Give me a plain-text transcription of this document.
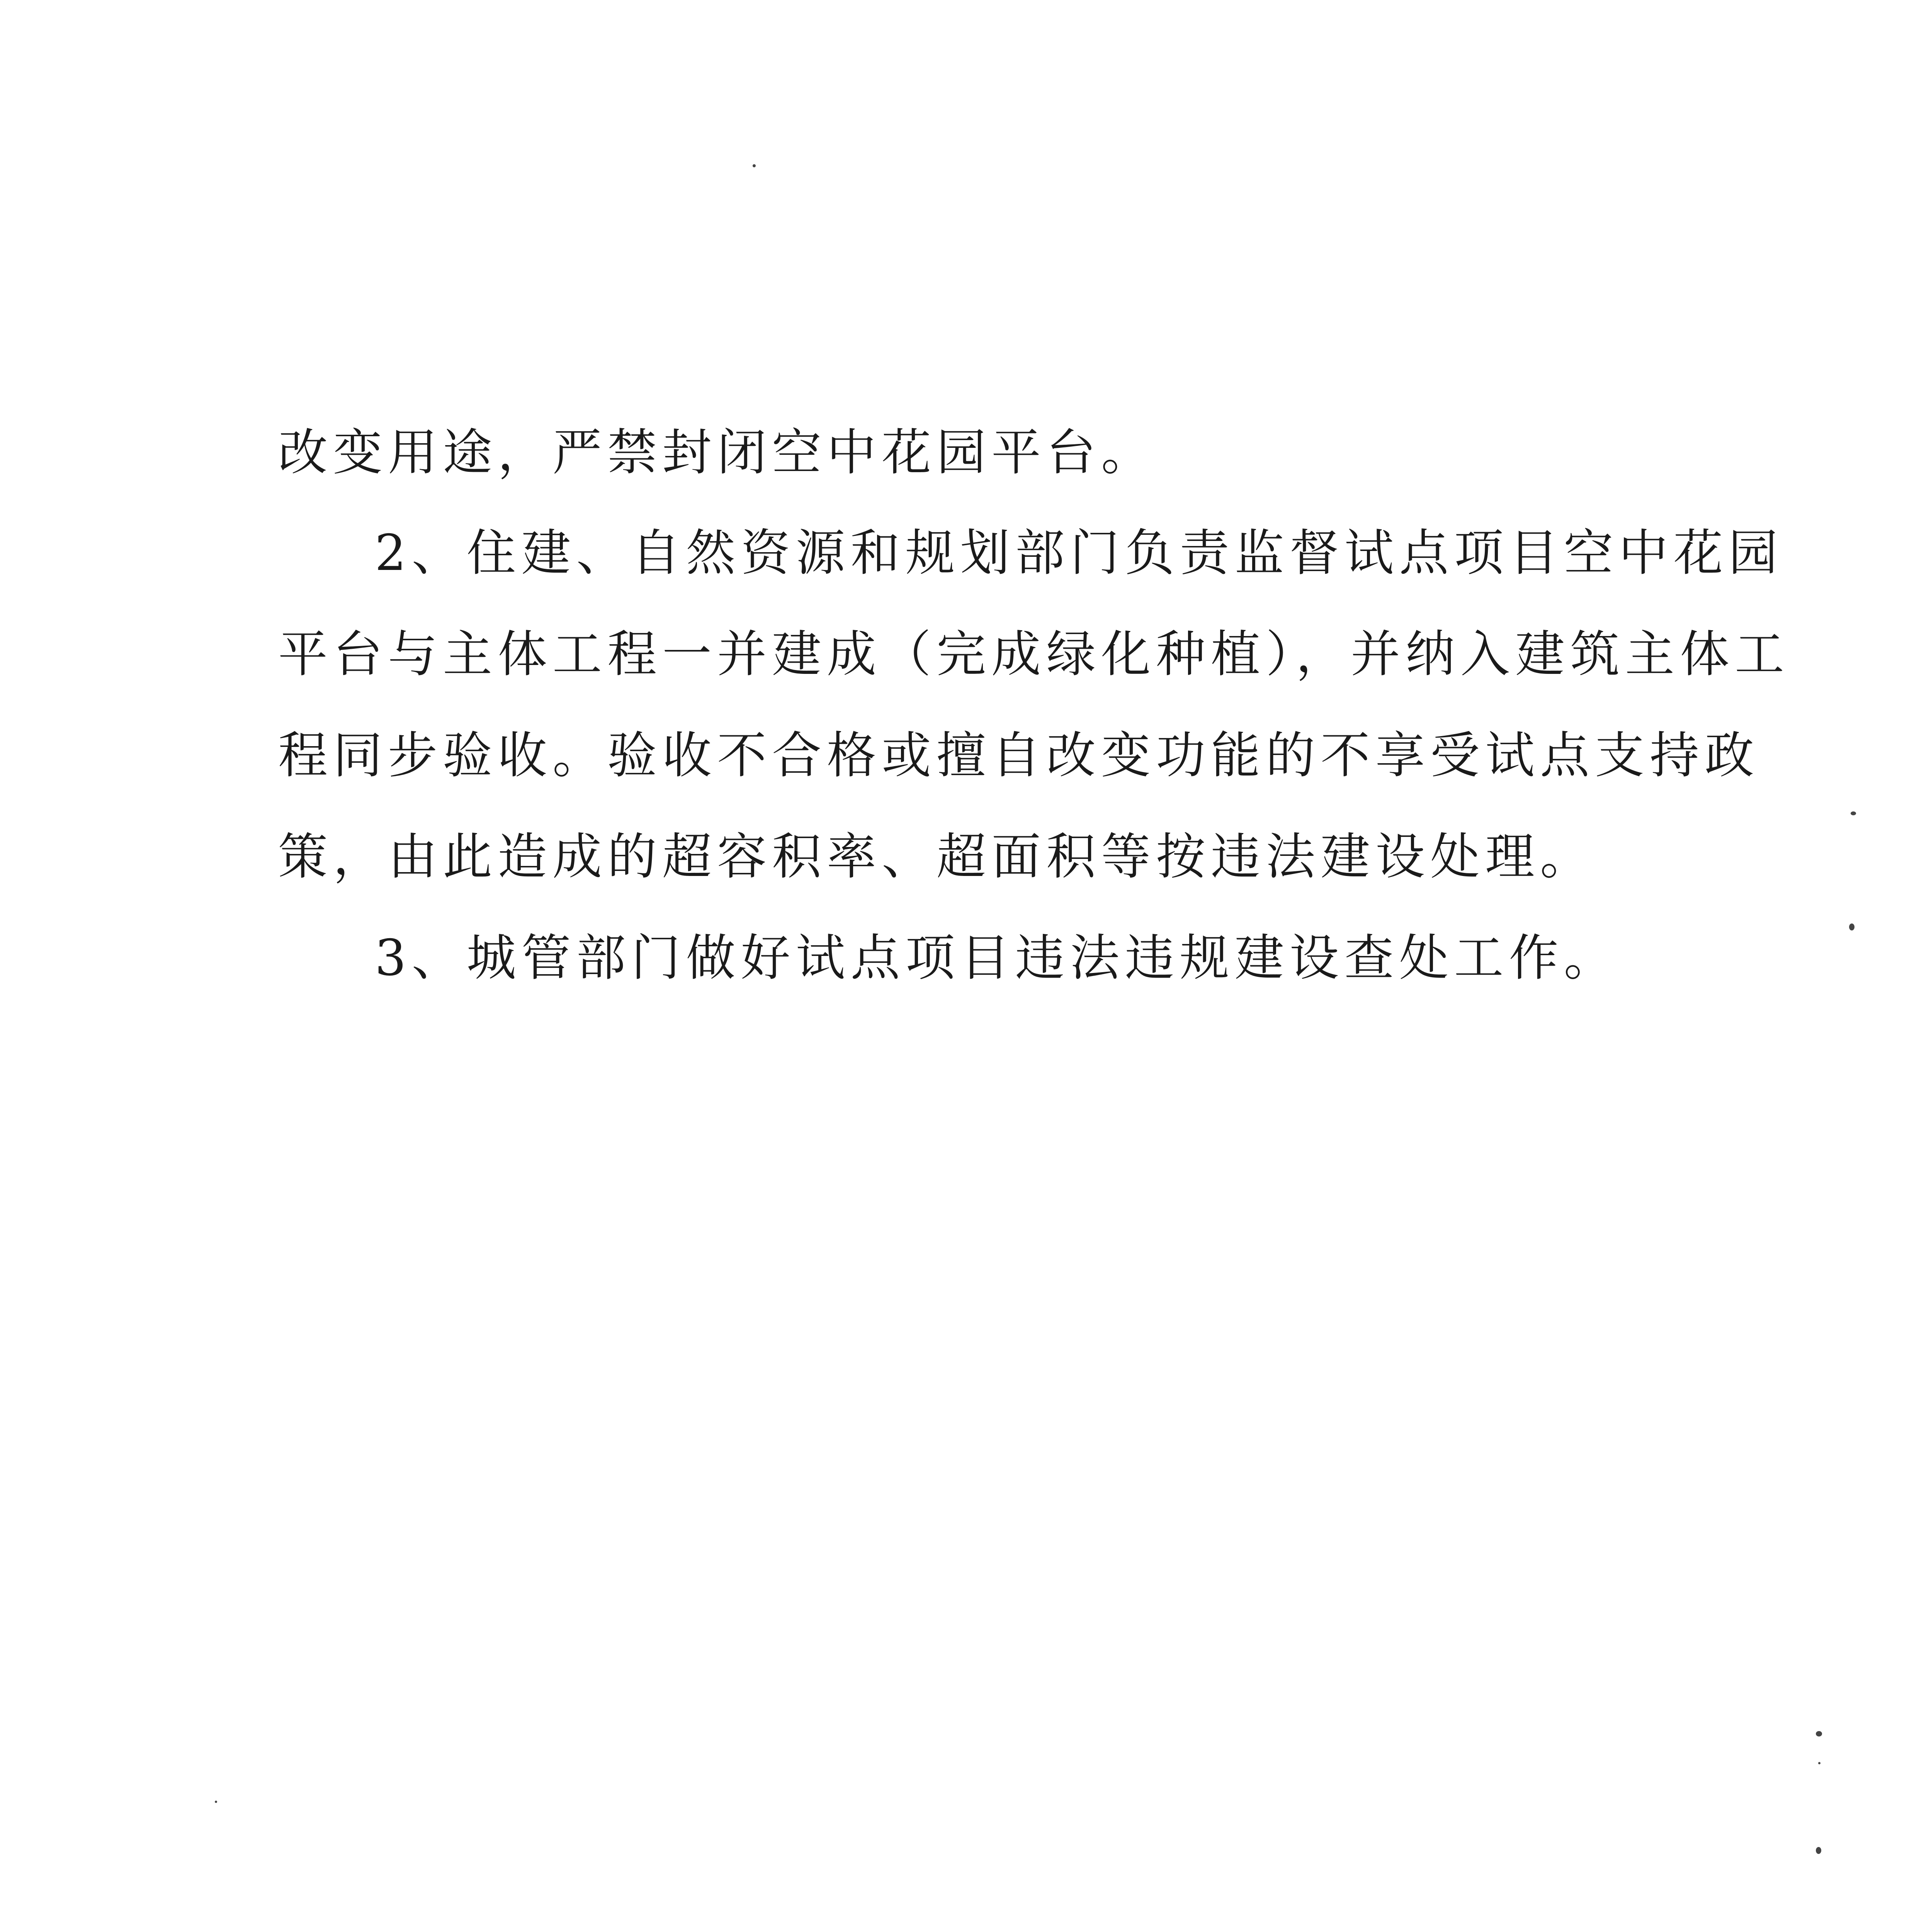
改变用途，严禁封闭空中花园平台。
2、住建、自然资源和规划部门负责监督试点项目空中花园
平台与主体工程一并建成（完成绿化种植），并纳入建筑主体工
程同步验收。验收不合格或擅自改变功能的不享受试点支持政
策，由此造成的超容积率、超面积等按违法建设处理。
3、城管部门做好试点项目违法违规建设查处工作。
